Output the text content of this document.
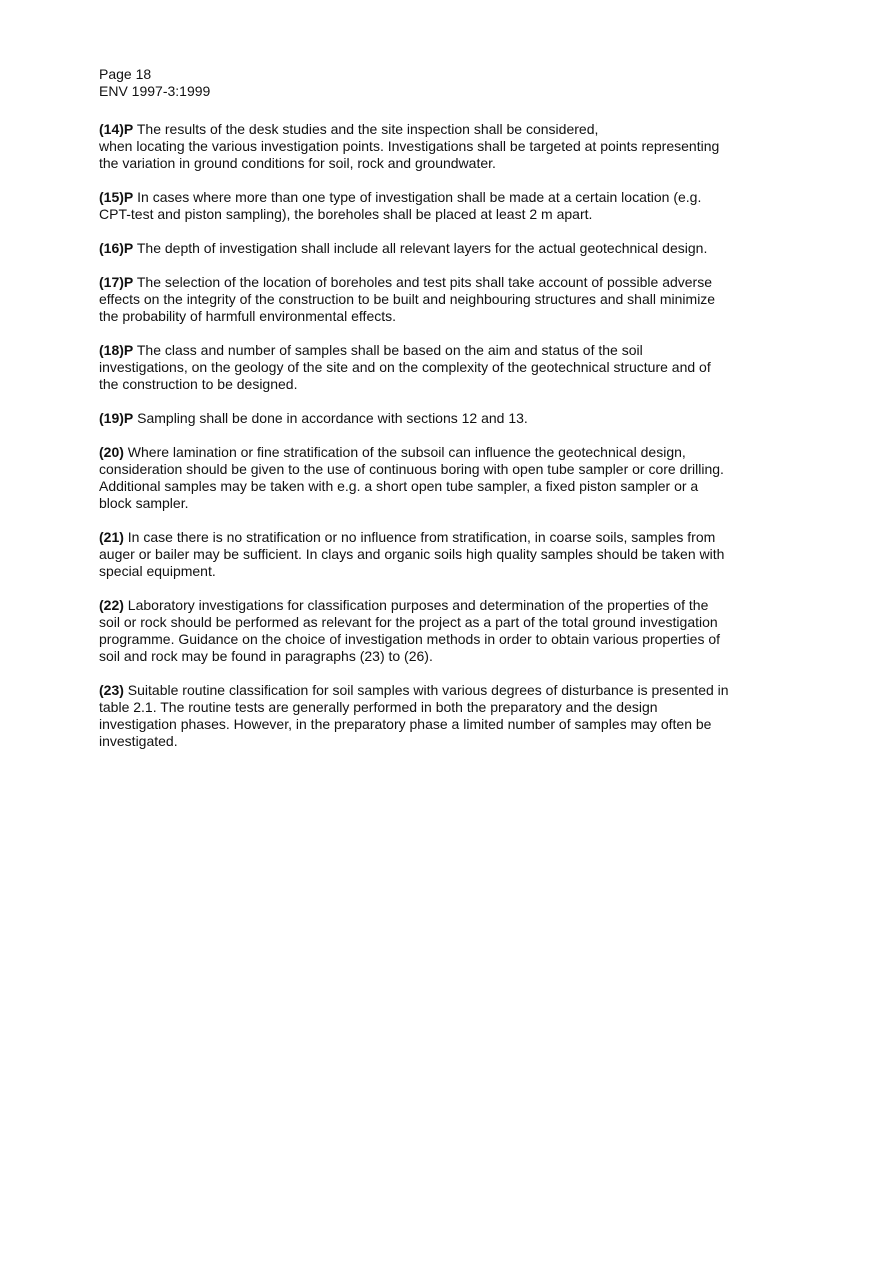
Page 18
ENV 1997-3:1999

(14)P The results of the desk studies and the site inspection shall be considered,
when locating the various investigation points. Investigations shall be targeted at points representing
the variation in ground conditions for soil, rock and groundwater.

(15)P In cases where more than one type of investigation shall be made at a certain location (e.g.
CPT-test and piston sampling), the boreholes shall be placed at least 2 m apart.

(16)P The depth of investigation shall include all relevant layers for the actual geotechnical design.

(17)P The selection of the location of boreholes and test pits shall take account of possible adverse
effects on the integrity of the construction to be built and neighbouring structures and shall minimize
the probability of harmfull environmental effects.

(18)P The class and number of samples shall be based on the aim and status of the soil
investigations, on the geology of the site and on the complexity of the geotechnical structure and of
the construction to be designed.

(19)P Sampling shall be done in accordance with sections 12 and 13.

(20) Where lamination or fine stratification of the subsoil can influence the geotechnical design,
consideration should be given to the use of continuous boring with open tube sampler or core drilling.
Additional samples may be taken with e.g. a short open tube sampler, a fixed piston sampler or a
block sampler.

(21) In case there is no stratification or no influence from stratification, in coarse soils, samples from
auger or bailer may be sufficient. In clays and organic soils high quality samples should be taken with
special equipment.

(22) Laboratory investigations for classification purposes and determination of the properties of the
soil or rock should be performed as relevant for the project as a part of the total ground investigation
programme. Guidance on the choice of investigation methods in order to obtain various properties of
soil and rock may be found in paragraphs (23) to (26).

(23) Suitable routine classification for soil samples with various degrees of disturbance is presented in
table 2.1. The routine tests are generally performed in both the preparatory and the design
investigation phases. However, in the preparatory phase a limited number of samples may often be
investigated.
